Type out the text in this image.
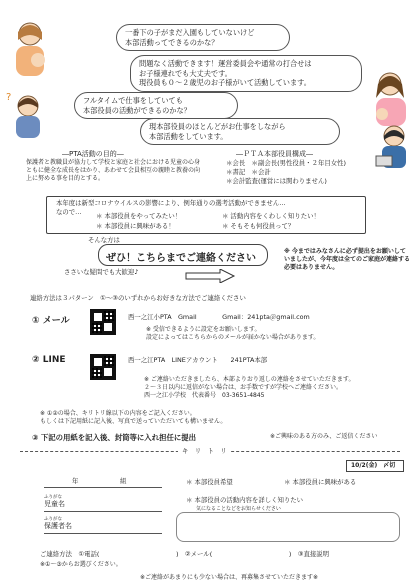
?
一番下の子がまだ入園もしていないけど
本部活動ってできるのかな？
問題なく活動できます！運営委員会や通常の打合せは
お子様連れでも大丈夫です。
現役員も０～２歳児のお子様がいて活動しています。
フルタイムで仕事をしていても
本部役員の活動ができるのかな？
現本部役員のほとんどがお仕事をしながら
本部活動をしています。
―PTA活動の目的―
保護者と教職員が協力して学校と家庭と社会における児童の心身ともに健全な成長をはかり、あわせて会員相互の親睦と教養の向上に努める事を目的とする。
―ＰＴＡ本部役員構成―
＊会長　＊副会長(男性役員・２年目女性)
＊書記　＊会計
＊会計監査(運営には関わりません)
本年度は新型コロナウイルスの影響により、例年通りの選考活動ができません…
なので… ＊ 本部役員をやってみたい！	＊ 活動内容をくわしく知りたい！
＊ 本部役員に興味がある！	＊ そもそも何役員って？
そんな方は
ぜひ！こちらまでご連絡ください
ささいな疑問でも大歓迎♪
※ 今まではみなさんに必ず提出をお願いしていましたが、今年度は全てのご家庭が連絡する必要はありません。
連絡方法は３パターン　①～③のいずれからお好きな方法でご連絡ください
① メール	西一之江小PTA　Gmail　　　　Gmail：241pta＠gmail.com
※ 受信できるように設定をお願いします。
設定によってはこちらからのメールが届かない場合があります。
② LINE	西一之江PTA　LINEアカウント　　241PTA本部
※ ご連絡いただきましたら、本部よりおり返しの連絡をさせていただきます。
２～３日以内に返信がない場合は、お手数ですが学校へご連絡ください。
西一之江小学校　代表番号　03-3651-4845
※ ①②の場合、キリトリ線以下の内容をご記入ください。
もしくは下記用紙に記入後、写真で送っていただいても構いません。
③ 下記の用紙を記入後、封筒等に入れ担任に提出	※ご興味のある方のみ、ご返信ください
キ　リ　ト　リ
10/2(金)　〆切
年	組	＊ 本部役員希望	＊ 本部役員に興味がある
ふりがな
児童名
ふりがな
保護者名
＊ 本部役員の活動内容を詳しく知りたい
気になることなどをお知らせください
ご連絡方法　①電話(　　　　　　　　　　　　)　②メール(　　　　　　　　　　　　)　③直接説明
※①～③からお選びください。
※ご連絡があまりにも少ない場合は、再募集させていただきます※
